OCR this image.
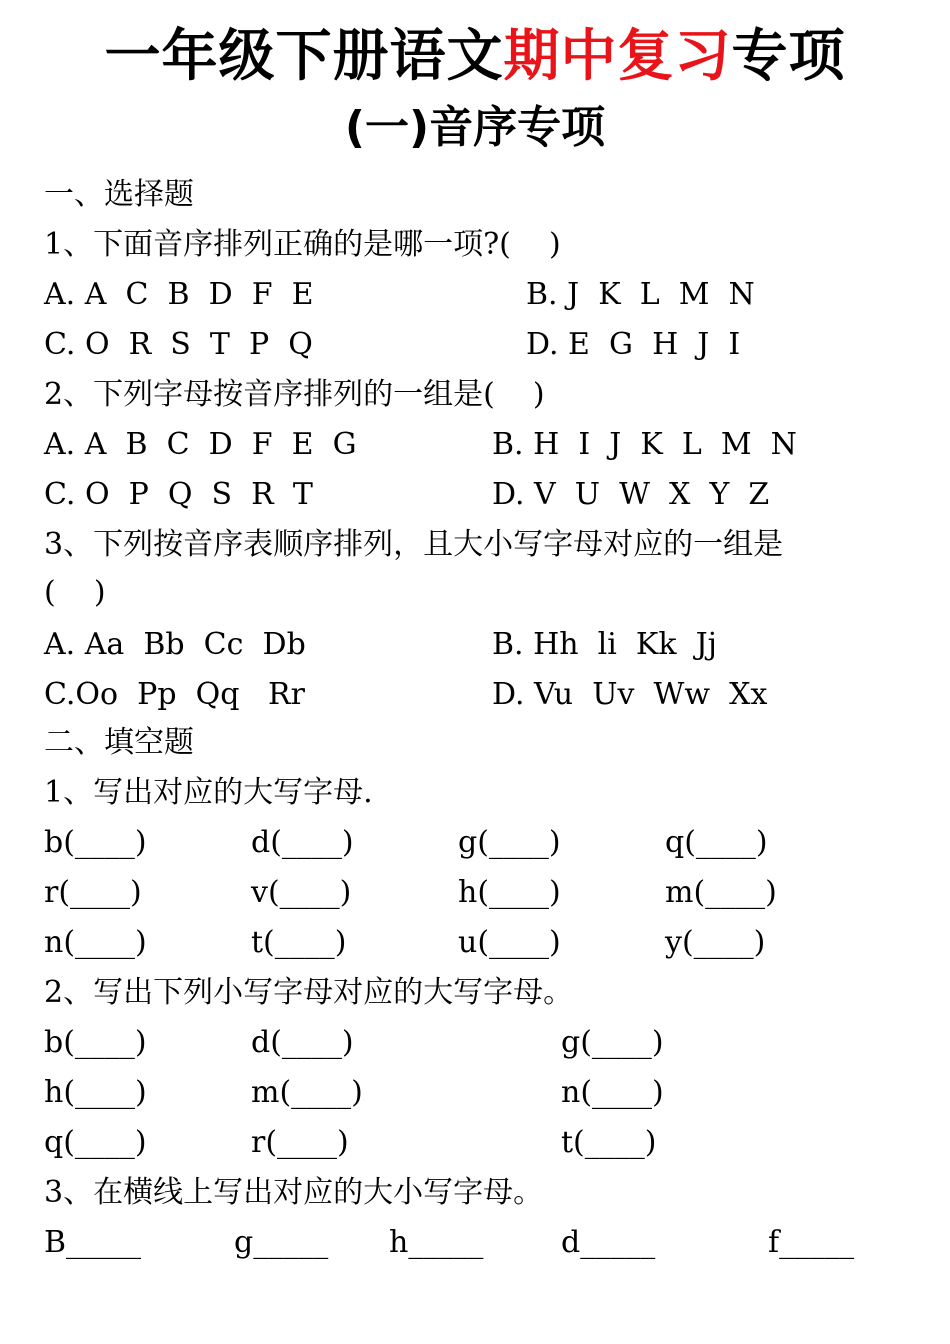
一年级下册语文期中复习专项
(一)音序专项
一、选择题
1、下面音序排列正确的是哪一项?(    )
A. A  C  B  D  F  E	B. J  K  L  M  N
C. O  R  S  T  P  Q	D. E  G  H  J  I
2、下列字母按音序排列的一组是(    )
A. A  B  C  D  F  E  G	B. H  I  J  K  L  M  N
C. O  P  Q  S  R  T	D. V  U  W  X  Y  Z
3、下列按音序表顺序排列，且大小写字母对应的一组是
(    )
A. Aa  Bb  Cc  Db	B. Hh  li  Kk  Jj
C.Oo  Pp  Qq   Rr	D. Vu  Uv  Ww  Xx
二、填空题
1、写出对应的大写字母.
b(____)	d(____)	g(____)	q(____)
r(____)	v(____)	h(____)	m(____)
n(____)	t(____)	u(____)	y(____)
2、写出下列小写字母对应的大写字母。
b(____)	d(____)	g(____)
h(____)	m(____)	n(____)
q(____)	r(____)	t(____)
3、在横线上写出对应的大小写字母。
B_____	g_____ h_____	d_____	f_____
